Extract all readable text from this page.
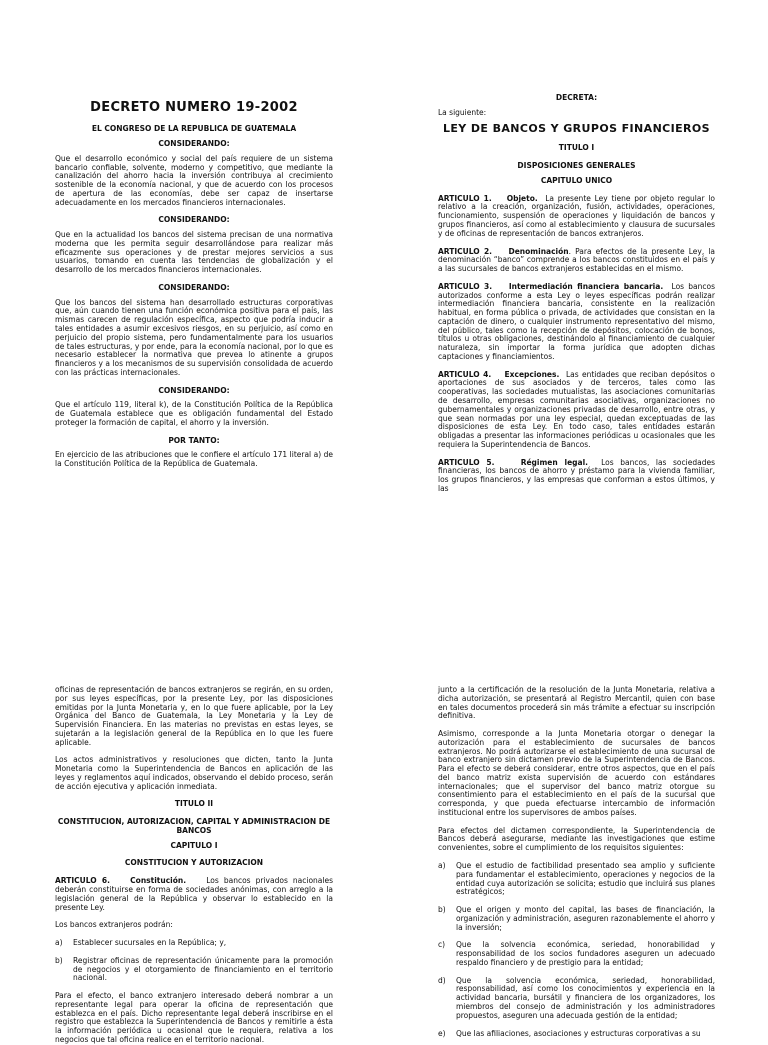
DECRETO NUMERO 19-2002

EL CONGRESO DE LA REPUBLICA DE GUATEMALA

CONSIDERANDO:

Que el desarrollo económico y social del país requiere de un sistema bancario confiable, solvente, moderno y competitivo, que mediante la canalización del ahorro hacia la inversión contribuya al crecimiento sostenible de la economía nacional, y que de acuerdo con los procesos de apertura de las economías, debe ser capaz de insertarse adecuadamente en los mercados financieros internacionales.

CONSIDERANDO:

Que en la actualidad los bancos del sistema precisan de una normativa moderna que les permita seguir desarrollándose para realizar más eficazmente sus operaciones y de prestar mejores servicios a sus usuarios, tomando en cuenta las tendencias de globalización y el desarrollo de los mercados financieros internacionales.

CONSIDERANDO:

Que los bancos del sistema han desarrollado estructuras corporativas que, aún cuando tienen una función económica positiva para el país, las mismas carecen de regulación específica, aspecto que podría inducir a tales entidades a asumir excesivos riesgos, en su perjuicio, así como en perjuicio del propio sistema, pero fundamentalmente para los usuarios de tales estructuras, y por ende, para la economía nacional, por lo que es necesario establecer la normativa que prevea lo atinente a grupos financieros y a los mecanismos de su supervisión consolidada de acuerdo con las prácticas internacionales.

CONSIDERANDO:

Que el artículo 119, literal k), de la Constitución Política de la República de Guatemala establece que es obligación fundamental del Estado proteger la formación de capital, el ahorro y la inversión.

POR TANTO:

En ejercicio de las atribuciones que le confiere el artículo 171 literal a) de la Constitución Política de la República de Guatemala.

DECRETA:

La siguiente:

LEY DE BANCOS Y GRUPOS FINANCIEROS

TITULO I

DISPOSICIONES GENERALES

CAPITULO UNICO

ARTICULO 1. Objeto. La presente Ley tiene por objeto regular lo relativo a la creación, organización, fusión, actividades, operaciones, funcionamiento, suspensión de operaciones y liquidación de bancos y grupos financieros, así como al establecimiento y clausura de sucursales y de oficinas de representación de bancos extranjeros.

ARTICULO 2. Denominación. Para efectos de la presente Ley, la denominación “banco” comprende a los bancos constituidos en el país y a las sucursales de bancos extranjeros establecidas en el mismo.

ARTICULO 3. Intermediación financiera bancaria. Los bancos autorizados conforme a esta Ley o leyes específicas podrán realizar intermediación financiera bancaria, consistente en la realización habitual, en forma pública o privada, de actividades que consistan en la captación de dinero, o cualquier instrumento representativo del mismo, del público, tales como la recepción de depósitos, colocación de bonos, títulos u otras obligaciones, destinándolo al financiamiento de cualquier naturaleza, sin importar la forma jurídica que adopten dichas captaciones y financiamientos.

ARTICULO 4. Excepciones. Las entidades que reciban depósitos o aportaciones de sus asociados y de terceros, tales como las cooperativas, las sociedades mutualistas, las asociaciones comunitarias de desarrollo, empresas comunitarias asociativas, organizaciones no gubernamentales y organizaciones privadas de desarrollo, entre otras, y que sean normadas por una ley especial, quedan exceptuadas de las disposiciones de esta Ley. En todo caso, tales entidades estarán obligadas a presentar las informaciones periódicas u ocasionales que les requiera la Superintendencia de Bancos.

ARTICULO 5.	Régimen legal. Los bancos, las sociedades financieras, los bancos de ahorro y préstamo para la vivienda familiar, los grupos financieros, y las empresas que conforman a estos últimos, y las

oficinas de representación de bancos extranjeros se regirán, en su orden, por sus leyes específicas, por la presente Ley, por las disposiciones emitidas por la Junta Monetaria y, en lo que fuere aplicable, por la Ley Orgánica del Banco de Guatemala, la Ley Monetaria y la Ley de Supervisión Financiera. En las materias no previstas en estas leyes, se sujetarán a la legislación general de la República en lo que les fuere aplicable.

Los actos administrativos y resoluciones que dicten, tanto la Junta Monetaria como la Superintendencia de Bancos en aplicación de las leyes y reglamentos aquí indicados, observando el debido proceso, serán de acción ejecutiva y aplicación inmediata.

TITULO II

CONSTITUCION, AUTORIZACION, CAPITAL Y ADMINISTRACION DE BANCOS

CAPITULO I

CONSTITUCION Y AUTORIZACION

ARTICULO 6.	Constitución.	Los bancos privados nacionales deberán constituirse en forma de sociedades anónimas, con arreglo a la legislación general de la República y observar lo establecido en la presente Ley.

Los bancos extranjeros podrán:

a)	Establecer sucursales en la República; y,
b)	Registrar oficinas de representación únicamente para la promoción de negocios y el otorgamiento de financiamiento en el territorio nacional.

Para el efecto, el banco extranjero interesado deberá nombrar a un representante legal para operar la oficina de representación que establezca en el país. Dicho representante legal deberá inscribirse en el registro que establezca la Superintendencia de Bancos y remitirle a ésta la información periódica u ocasional que le requiera, relativa a los negocios que tal oficina realice en el territorio nacional.

junto a la certificación de la resolución de la Junta Monetaria, relativa a dicha autorización, se presentará al Registro Mercantil, quien con base en tales documentos procederá sin más trámite a efectuar su inscripción definitiva.

Asimismo, corresponde a la Junta Monetaria otorgar o denegar la autorización para el establecimiento de sucursales de bancos extranjeros. No podrá autorizarse el establecimiento de una sucursal de banco extranjero sin dictamen previo de la Superintendencia de Bancos. Para el efecto se deberá considerar, entre otros aspectos, que en el país del banco matriz exista supervisión de acuerdo con estándares internacionales; que el supervisor del banco matriz otorgue su consentimiento para el establecimiento en el país de la sucursal que corresponda, y que pueda efectuarse intercambio de información institucional entre los supervisores de ambos países.

Para efectos del dictamen correspondiente, la Superintendencia de Bancos deberá asegurarse, mediante las investigaciones que estime convenientes, sobre el cumplimiento de los requisitos siguientes:

a)	Que el estudio de factibilidad presentado sea amplio y suficiente para fundamentar el establecimiento, operaciones y negocios de la entidad cuya autorización se solicita; estudio que incluirá sus planes estratégicos;
b)	Que el origen y monto del capital, las bases de financiación, la organización y administración, aseguren razonablemente el ahorro y la inversión;
c)	Que la solvencia económica, seriedad, honorabilidad y responsabilidad de los socios fundadores aseguren un adecuado respaldo financiero y de prestigio para la entidad;
d)	Que la solvencia económica, seriedad, honorabilidad, responsabilidad, así como los conocimientos y experiencia en la actividad bancaria, bursátil y financiera de los organizadores, los miembros del consejo de administración y los administradores propuestos, aseguren una adecuada gestión de la entidad;
e)	Que las afiliaciones, asociaciones y estructuras corporativas a su
